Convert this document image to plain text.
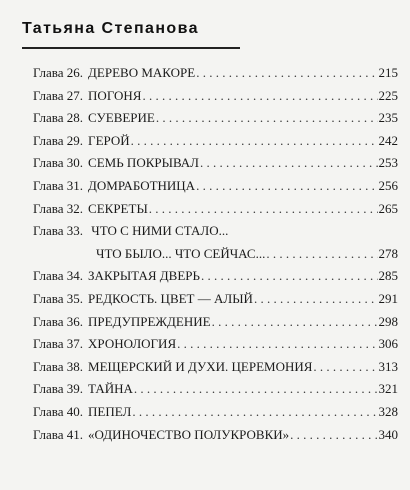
Татьяна Степанова
Глава 26. ДЕРЕВО МАКОРЕ . . .	215
Глава 27. ПОГОНЯ . . .	225
Глава 28. СУЕВЕРИЕ . . .	235
Глава 29. ГЕРОЙ . . .	242
Глава 30. СЕМЬ ПОКРЫВАЛ . . .	253
Глава 31. ДОМРАБОТНИЦА . . .	256
Глава 32. СЕКРЕТЫ . . .	265
Глава 33. ЧТО С НИМИ СТАЛО...
ЧТО БЫЛО... ЧТО СЕЙЧАС... . . .	278
Глава 34. ЗАКРЫТАЯ ДВЕРЬ . . .	285
Глава 35. РЕДКОСТЬ. ЦВЕТ — АЛЫЙ . . .	291
Глава 36. ПРЕДУПРЕЖДЕНИЕ . . .	298
Глава 37. ХРОНОЛОГИЯ . . .	306
Глава 38. МЕЩЕРСКИЙ И ДУХИ. ЦЕРЕМОНИЯ . . .	313
Глава 39. ТАЙНА . . .	321
Глава 40. ПЕПЕЛ . . .	328
Глава 41. «ОДИНОЧЕСТВО ПОЛУКРОВКИ» . . .	340
